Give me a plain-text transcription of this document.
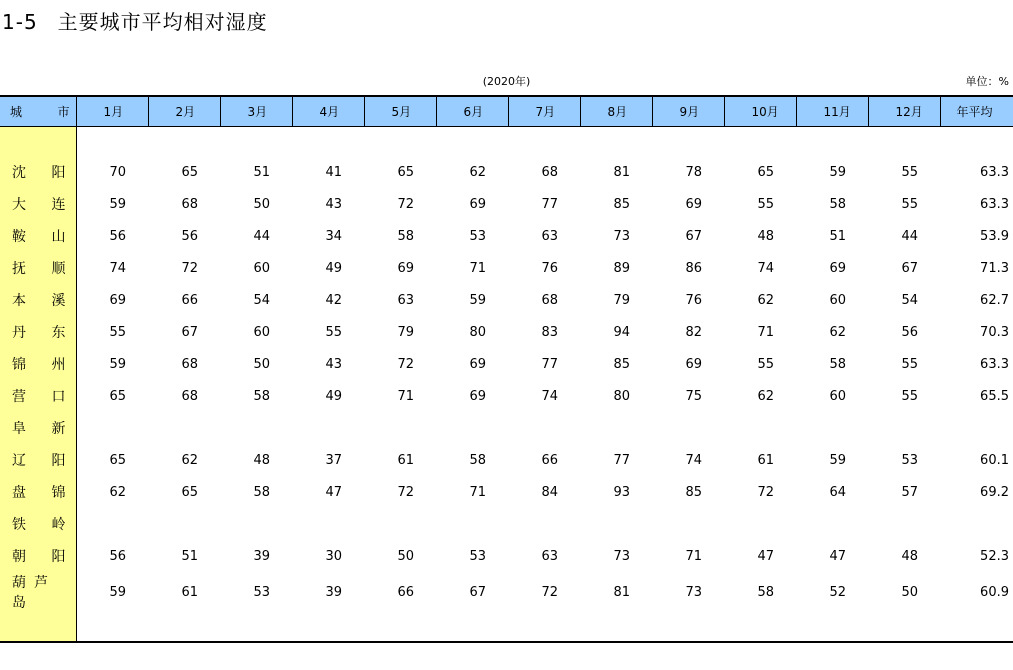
1-5 主要城市平均相对湿度
(2020年)	单位：%
城 市	1月	2月	3月	4月	5月	6月	7月	8月	9月	10月	11月	12月	年平均

沈 阳	70	65	51	41	65	62	68	81	78	65	59	55	63.3

大 连	59	68	50	43	72	69	77	85	69	55	58	55	63.3

鞍 山	56	56	44	34	58	53	63	73	67	48	51	44	53.9

抚 顺	74	72	60	49	69	71	76	89	86	74	69	67	71.3

本 溪	69	66	54	42	63	59	68	79	76	62	60	54	62.7

丹 东	55	67	60	55	79	80	83	94	82	71	62	56	70.3

锦 州	59	68	50	43	72	69	77	85	69	55	58	55	63.3

营 口	65	68	58	49	71	69	74	80	75	62	60	55	65.5

阜 新													

辽 阳	65	62	48	37	61	58	66	77	74	61	59	53	60.1

盘 锦	62	65	58	47	72	71	84	93	85	72	64	57	69.2

铁 岭													

朝 阳	56	51	39	30	50	53	63	73	71	47	47	48	52.3
葫 芦岛	59	61	53	39	66	67	72	81	73	58	52	50	60.9
